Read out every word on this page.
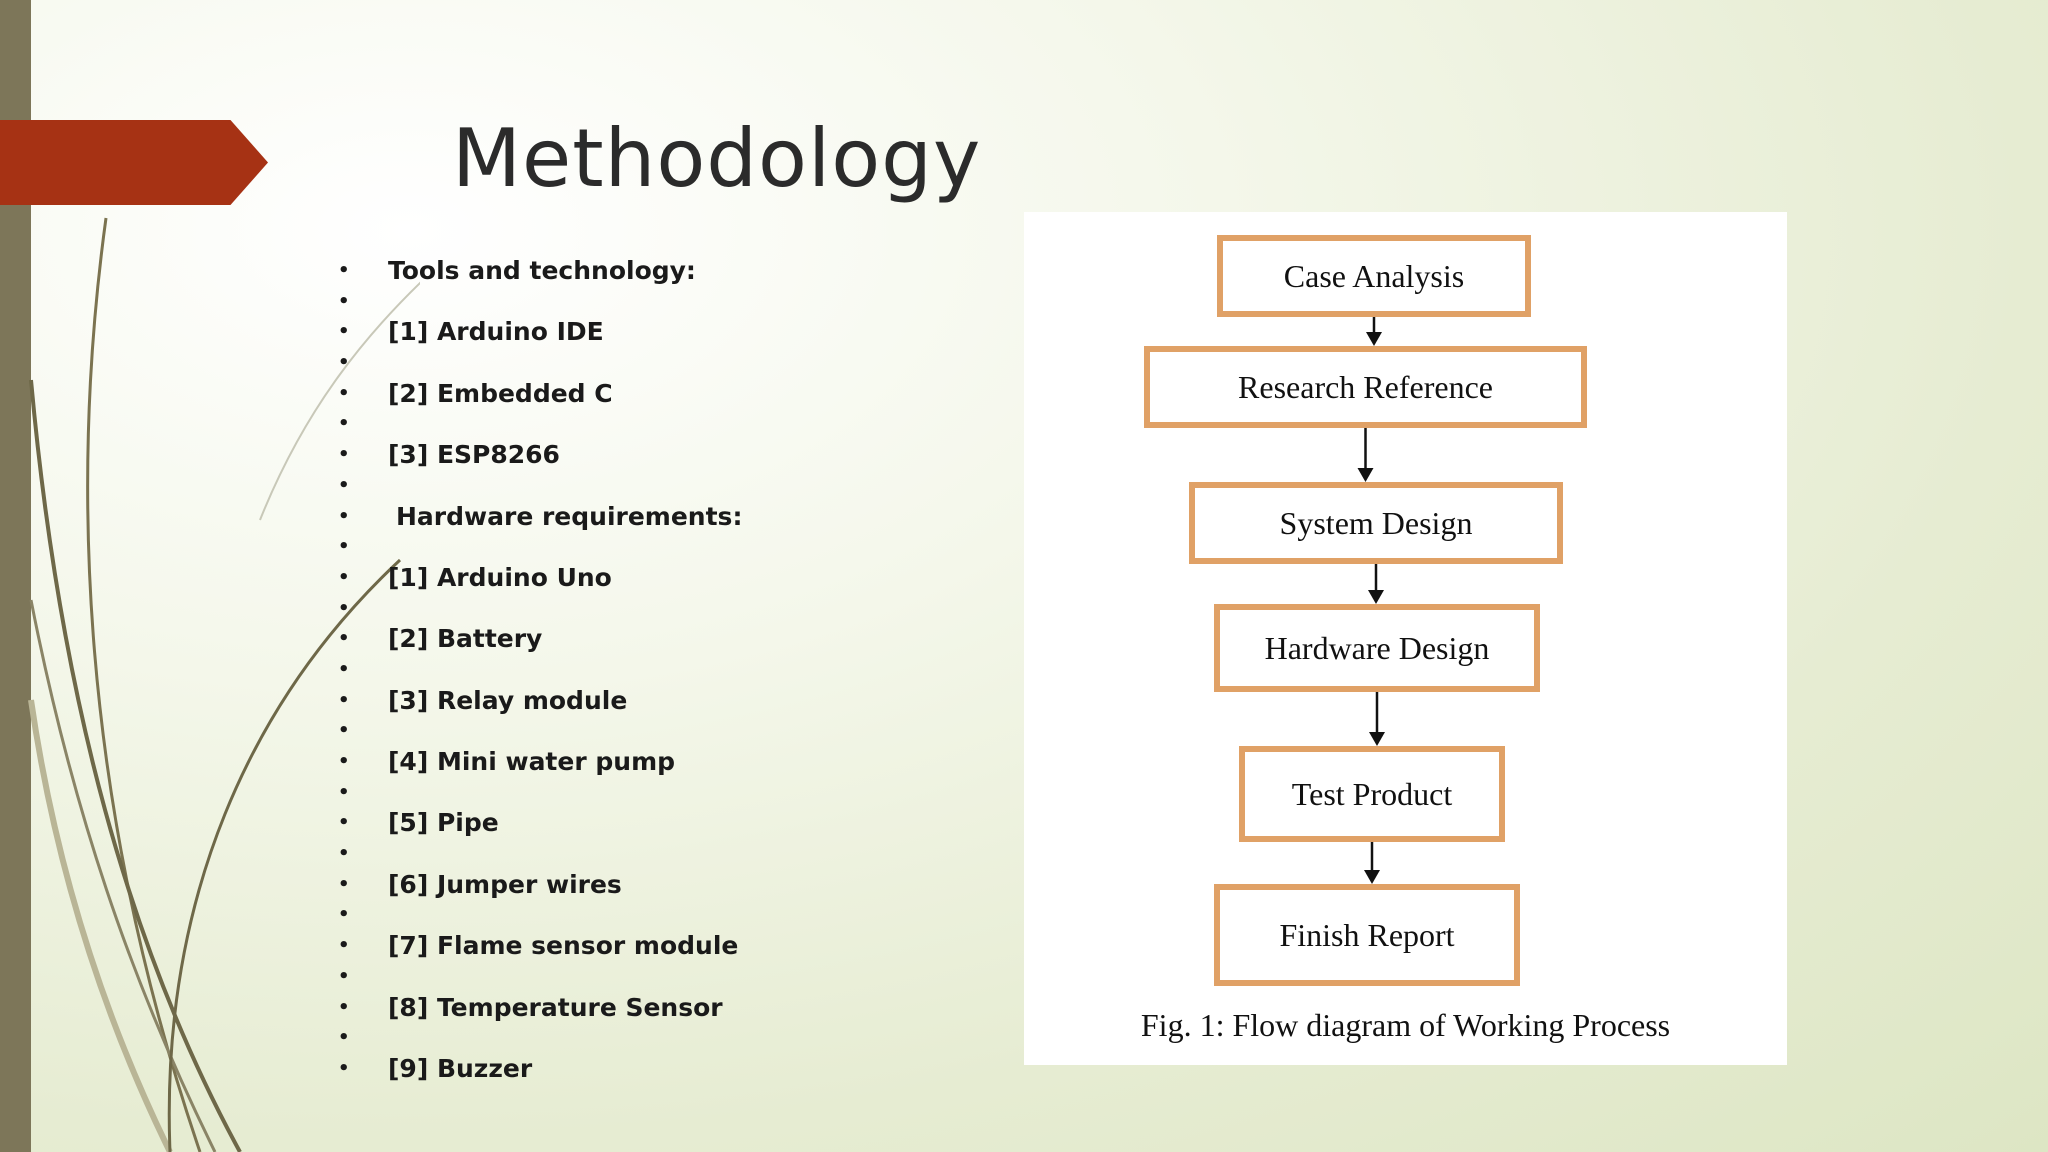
Methodology
• Tools and technology:
•
• [1] Arduino IDE
•
• [2] Embedded C
•
• [3] ESP8266
•
• Hardware requirements:
•
• [1] Arduino Uno
•
• [2] Battery
•
• [3] Relay module
•
• [4] Mini water pump
•
• [5] Pipe
•
• [6] Jumper wires
•
• [7] Flame sensor module
•
• [8] Temperature Sensor
•
• [9] Buzzer
Case Analysis
Research Reference
System Design
Hardware Design
Test Product
Finish Report
Fig. 1: Flow diagram of Working Process
